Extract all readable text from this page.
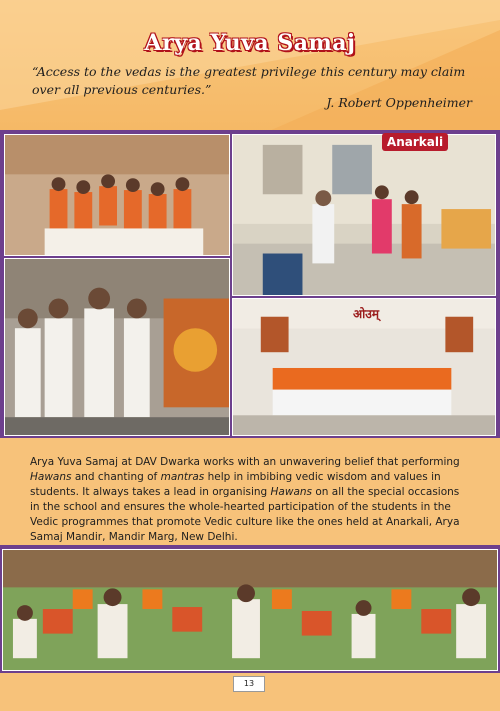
Arya Yuva Samaj
“Access to the vedas is the greatest privilege this century may claim over all previous centuries.”
J. Robert Oppenheimer
Anarkali
ओउम्
Arya Yuva Samaj at DAV Dwarka works with an unwavering belief that performing Hawans and chanting of mantras help in imbibing vedic wisdom and values in students. It always takes a lead in organising Hawans on all the special occasions in the school and ensures the whole-hearted participation of the students in the Vedic programmes that promote Vedic culture like the ones held at Anarkali, Arya Samaj Mandir, Mandir Marg, New Delhi.
13
